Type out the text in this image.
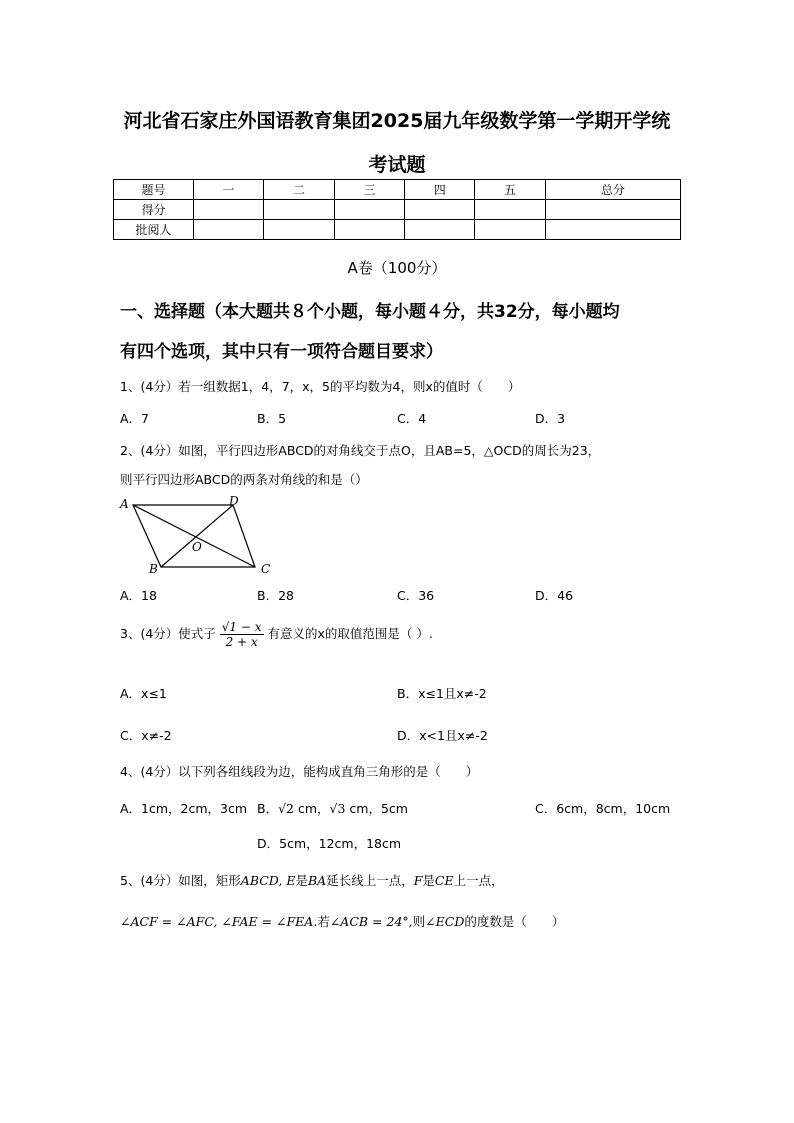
河北省石家庄外国语教育集团2025届九年级数学第一学期开学统
考试题
题号	一	二	三	四	五	总分
得分						
批阅人						
A卷（100分）
一、选择题（本大题共８个小题，每小题４分，共32分，每小题均
有四个选项，其中只有一项符合题目要求）
1、(4分）若一组数据1，4，7，x，5的平均数为4，则x的值时（　　）
A．7	B．5	C．4	D．3
2、(4分）如图，平行四边形ABCD的对角线交于点O，且AB=5，△OCD的周长为23，
则平行四边形ABCD的两条对角线的和是（）
A	D
B	C
O
A．18	B．28	C．36	D．46
3、(4分）使式子 $\frac{√1 - x}{2 + x}$ 有意义的x的取值范围是（ ）.
A．x≤1	B．x≤1且x≠-2
C．x≠-2	D．x<1且x≠-2
4、(4分）以下列各组线段为边，能构成直角三角形的是（　　）
A．1cm，2cm，3cm B．√2 cm，√3 cm，5cm	C．6cm，8cm，10cm
D．5cm，12cm，18cm
5、(4分）如图，矩形ABCD, E是BA延长线上一点，F是CE上一点，
∠ACF = ∠AFC, ∠FAE = ∠FEA.若∠ACB = 24°,则∠ECD的度数是（　　）
